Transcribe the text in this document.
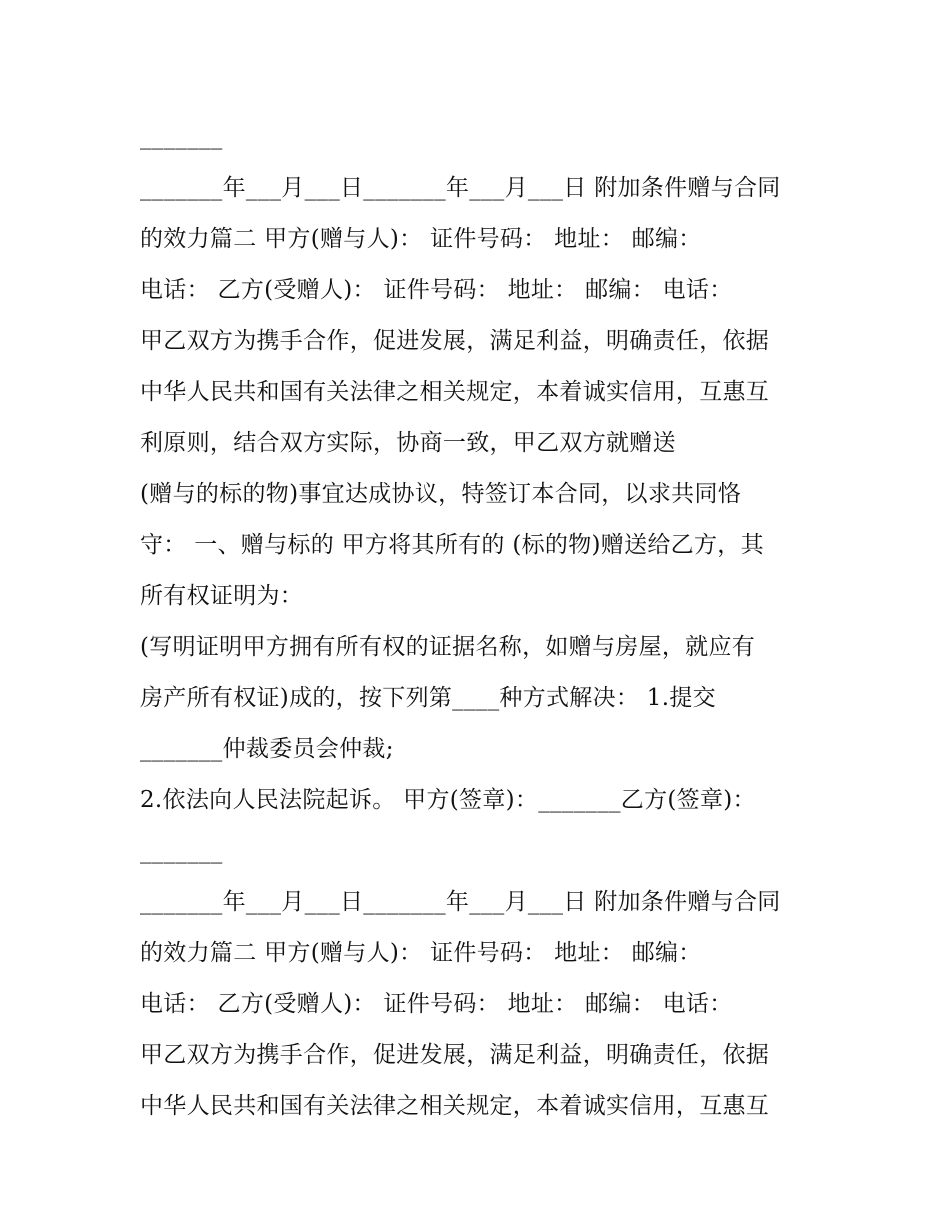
_______
_______年___月___日_______年___月___日 附加条件赠与合同
的效力篇二 甲方(赠与人)： 证件号码： 地址： 邮编：
电话： 乙方(受赠人)： 证件号码： 地址： 邮编： 电话：
甲乙双方为携手合作，促进发展，满足利益，明确责任，依据
中华人民共和国有关法律之相关规定，本着诚实信用，互惠互
利原则，结合双方实际，协商一致，甲乙双方就赠送
(赠与的标的物)事宜达成协议，特签订本合同，以求共同恪
守： 一、赠与标的 甲方将其所有的 (标的物)赠送给乙方，其
所有权证明为：
(写明证明甲方拥有所有权的证据名称，如赠与房屋，就应有
房产所有权证)成的，按下列第____种方式解决： 1.提交
_______仲裁委员会仲裁;
2.依法向人民法院起诉。 甲方(签章)：_______乙方(签章)：
_______
_______年___月___日_______年___月___日 附加条件赠与合同
的效力篇二 甲方(赠与人)： 证件号码： 地址： 邮编：
电话： 乙方(受赠人)： 证件号码： 地址： 邮编： 电话：
甲乙双方为携手合作，促进发展，满足利益，明确责任，依据
中华人民共和国有关法律之相关规定，本着诚实信用，互惠互
